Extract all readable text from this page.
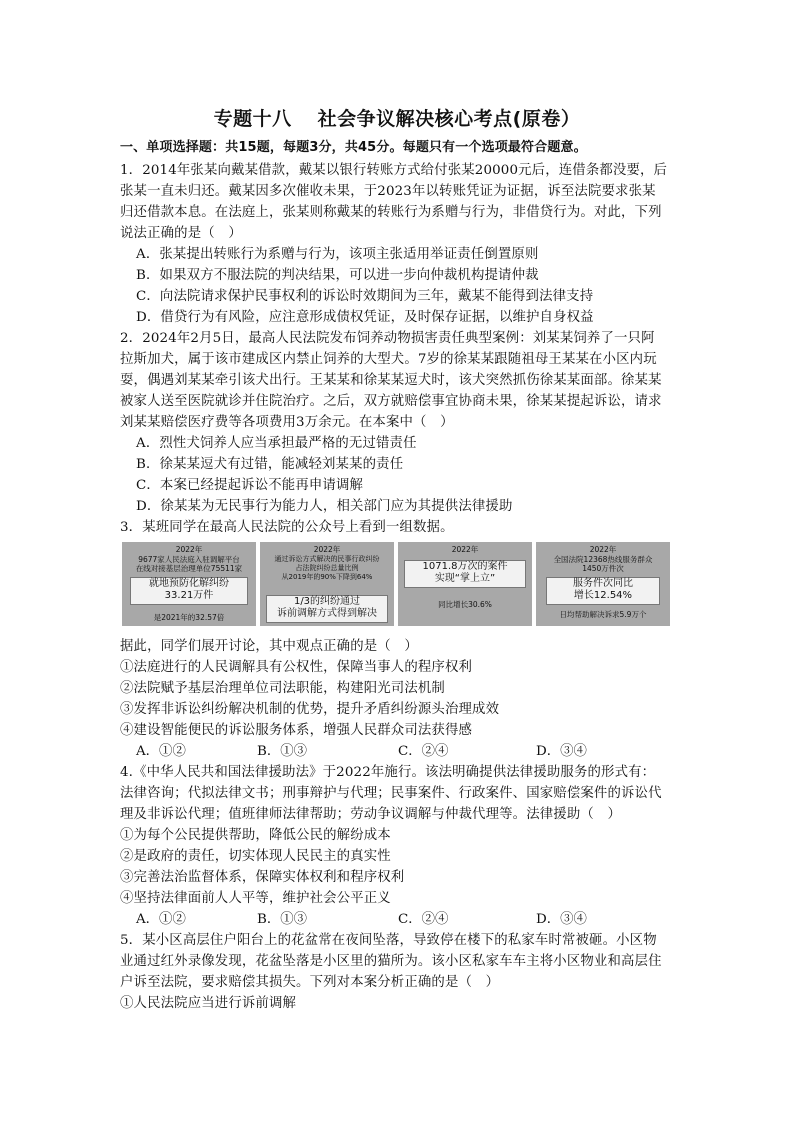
专题十八 社会争议解决核心考点(原卷）
一、单项选择题：共15题，每题3分，共45分。每题只有一个选项最符合题意。
1．2014年张某向戴某借款，戴某以银行转账方式给付张某20000元后，连借条都没要，后
张某一直未归还。戴某因多次催收未果，于2023年以转账凭证为证据，诉至法院要求张某
归还借款本息。在法庭上，张某则称戴某的转账行为系赠与行为，非借贷行为。对此，下列
说法正确的是（　）
A．张某提出转账行为系赠与行为，该项主张适用举证责任倒置原则
B．如果双方不服法院的判决结果，可以进一步向仲裁机构提请仲裁
C．向法院请求保护民事权利的诉讼时效期间为三年，戴某不能得到法律支持
D．借贷行为有风险，应注意形成债权凭证，及时保存证据，以维护自身权益
2．2024年2月5日，最高人民法院发布饲养动物损害责任典型案例：刘某某饲养了一只阿
拉斯加犬，属于该市建成区内禁止饲养的大型犬。7岁的徐某某跟随祖母王某某在小区内玩
耍，偶遇刘某某牵引该犬出行。王某某和徐某某逗犬时，该犬突然抓伤徐某某面部。徐某某
被家人送至医院就诊并住院治疗。之后，双方就赔偿事宜协商未果，徐某某提起诉讼，请求
刘某某赔偿医疗费等各项费用3万余元。在本案中（　）
A．烈性犬饲养人应当承担最严格的无过错责任
B．徐某某逗犬有过错，能减轻刘某某的责任
C．本案已经提起诉讼不能再申请调解
D．徐某某为无民事行为能力人，相关部门应为其提供法律援助
3．某班同学在最高人民法院的公众号上看到一组数据。
2022年
9677家人民法庭入驻调解平台
在线对接基层治理单位75511家
就地预防化解纠纷
33.21万件
是2021年的32.57倍
2022年
通过诉讼方式解决的民事行政纠纷
占法院纠纷总量比例
从2019年的90%下降到64%
1/3的纠纷通过
诉前调解方式得到解决
2022年
1071.8万次的案件
实现“掌上立”
同比增长30.6%
2022年
全国法院12368热线服务群众
1450万件次
服务件次同比
增长12.54%
日均帮助解决诉求5.9万个
据此，同学们展开讨论，其中观点正确的是（　）
①法庭进行的人民调解具有公权性，保障当事人的程序权利
②法院赋予基层治理单位司法职能，构建阳光司法机制
③发挥非诉讼纠纷解决机制的优势，提升矛盾纠纷源头治理成效
④建设智能便民的诉讼服务体系，增强人民群众司法获得感
A．①②	B．①③	C．②④	D．③④
4.《中华人民共和国法律援助法》于2022年施行。该法明确提供法律援助服务的形式有：
法律咨询；代拟法律文书；刑事辩护与代理；民事案件、行政案件、国家赔偿案件的诉讼代
理及非诉讼代理；值班律师法律帮助；劳动争议调解与仲裁代理等。法律援助（　）
①为每个公民提供帮助，降低公民的解纷成本
②是政府的责任，切实体现人民民主的真实性
③完善法治监督体系，保障实体权利和程序权利
④坚持法律面前人人平等，维护社会公平正义
A．①②	B．①③	C．②④	D．③④
5．某小区高层住户阳台上的花盆常在夜间坠落，导致停在楼下的私家车时常被砸。小区物
业通过红外录像发现，花盆坠落是小区里的猫所为。该小区私家车车主将小区物业和高层住
户诉至法院，要求赔偿其损失。下列对本案分析正确的是（　）
①人民法院应当进行诉前调解
